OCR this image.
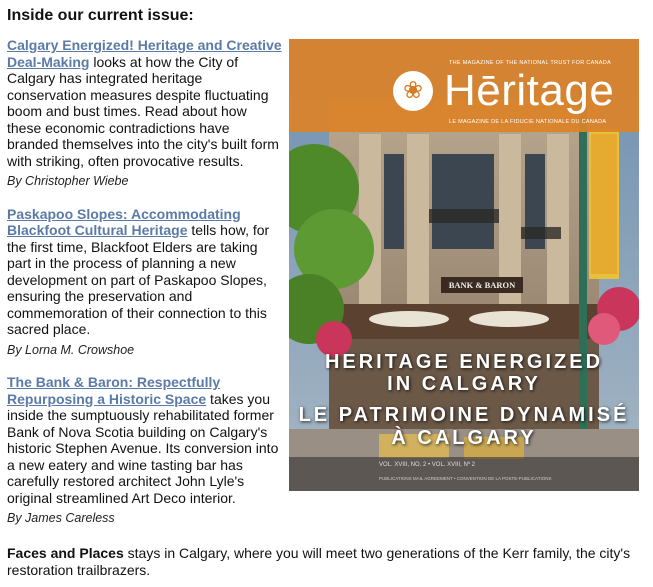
Inside our current issue:

Calgary Energized! Heritage and Creative Deal-Making looks at how the City of Calgary has integrated heritage conservation measures despite fluctuating boom and bust times. Read about how these economic contradictions have branded themselves into the city's built form with striking, often provocative results.

By Christopher Wiebe

Paskapoo Slopes: Accommodating Blackfoot Cultural Heritage tells how, for the first time, Blackfoot Elders are taking part in the process of planning a new development on part of Paskapoo Slopes, ensuring the preservation and commemoration of their connection to this sacred place.

By Lorna M. Crowshoe

The Bank & Baron: Respectfully Repurposing a Historic Space takes you inside the sumptuously rehabilitated former Bank of Nova Scotia building on Calgary's historic Stephen Avenue. Its conversion into a new eatery and wine tasting bar has carefully restored architect John Lyle's original streamlined Art Deco interior.

By James Careless
THE MAGAZINE OF THE NATIONAL TRUST FOR CANADA
❀ Hēritage
LE MAGAZINE DE LA FIDUCIE NATIONALE DU CANADA
BANK & BARON
HERITAGE ENERGIZED
IN CALGARY
LE PATRIMOINE DYNAMISÉ
À CALGARY
VOL. XVIII, NO. 2 • VOL. XVIII, Nº 2
PUBLICATIONS MAIL AGREEMENT • CONVENTION DE LA POSTE-PUBLICATIONS

Faces and Places stays in Calgary, where you will meet two generations of the Kerr family, the city's restoration trailbrazers.
